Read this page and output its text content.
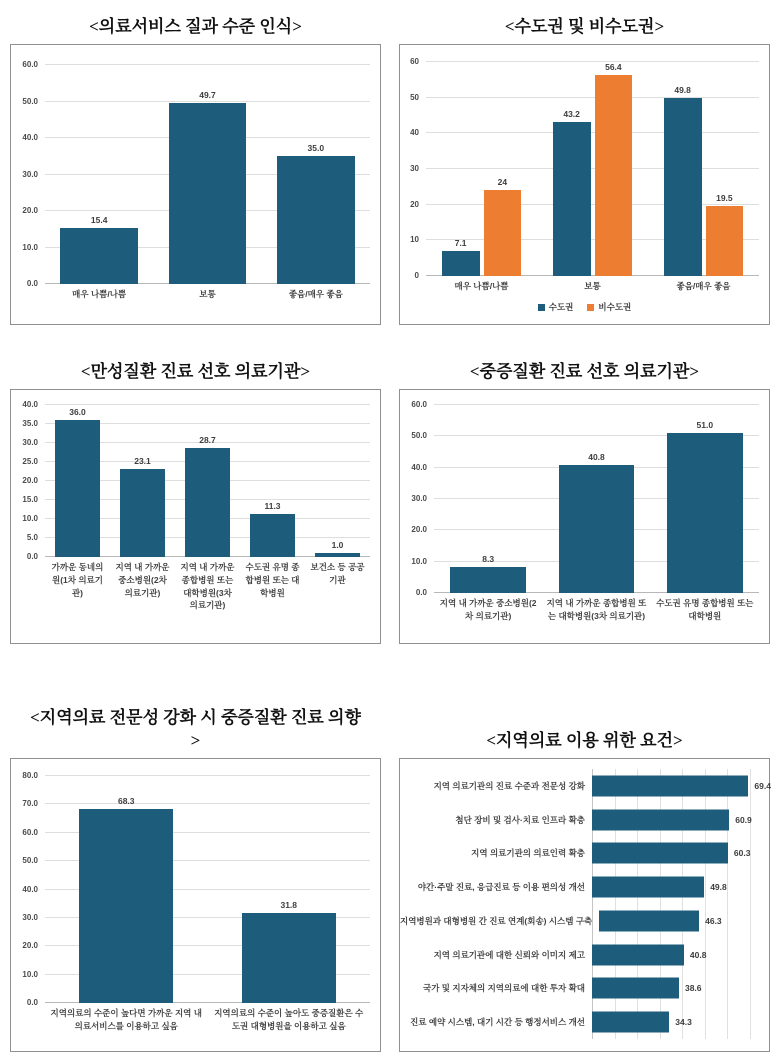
<의료서비스 질과 수준 인식>
0.0
10.0
20.0
30.0
40.0
50.0
60.0
15.4
49.7
35.0
매우 나쁨/나쁨	보통	좋음/매우 좋음
<수도권 및 비수도권>
0
10
20
30
40
50
60
7.1
24
43.2
56.4
49.8
19.5
매우 나쁨/나쁨	보통	좋음/매우 좋음
수도권	비수도권
<만성질환 진료 선호 의료기관>
0.0
5.0
10.0
15.0
20.0
25.0
30.0
35.0
40.0
36.0
23.1
28.7
11.3
1.0
가까운 동네의원(1차 의료기관)
지역 내 가까운 중소병원(2차 의료기관)
지역 내 가까운 종합병원 또는 대학병원(3차 의료기관)
수도권 유명 종합병원 또는 대학병원
보건소 등 공공기관
<중증질환 진료 선호 의료기관>
0.0
10.0
20.0
30.0
40.0
50.0
60.0
8.3
40.8
51.0
지역 내 가까운 중소병원(2차 의료기관)
지역 내 가까운 종합병원 또는 대학병원(3차 의료기관)
수도권 유명 종합병원 또는 대학병원
<지역의료 전문성 강화 시 중증질환 진료 의향>
0.0
10.0
20.0
30.0
40.0
50.0
60.0
70.0
80.0
68.3
31.8
지역의료의 수준이 높다면 가까운 지역 내 의료서비스를 이용하고 싶음
지역의료의 수준이 높아도 중증질환은 수도권 대형병원을 이용하고 싶음
<지역의료 이용 위한 요건>
지역 의료기관의 진료 수준과 전문성 강화	69.4
첨단 장비 및 검사·치료 인프라 확충	60.9
지역 의료기관의 의료인력 확충	60.3
야간·주말 진료, 응급진료 등 이용 편의성 개선	49.8
지역병원과 대형병원 간 진료 연계(회송) 시스템 구축	46.3
지역 의료기관에 대한 신뢰와 이미지 제고	40.8
국가 및 지자체의 지역의료에 대한 투자 확대	38.6
진료 예약 시스템, 대기 시간 등 행정서비스 개선	34.3
